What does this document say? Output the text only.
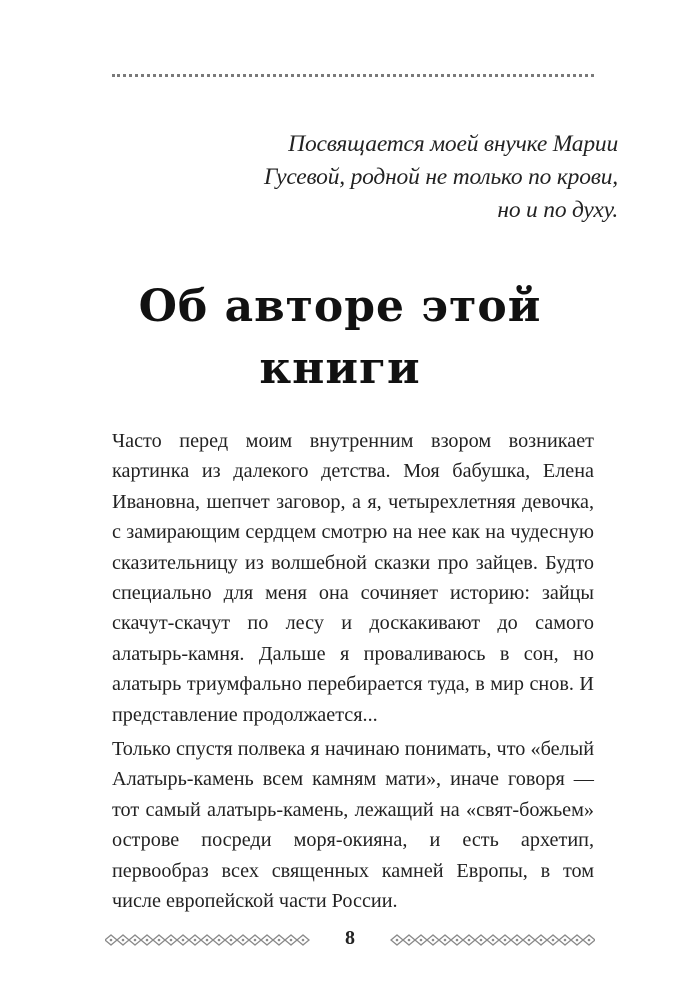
Посвящается моей внучке Марии
Гусевой, родной не только по крови,
но и по духу.
Об авторе этой
книги

Часто перед моим внутренним взором возникает картинка из далекого детства. Моя бабушка, Елена Ивановна, шепчет заговор, а я, четырехлетняя девочка, с замирающим сердцем смотрю на нее как на чудесную сказительницу из волшебной сказки про зайцев. Будто специально для меня она сочиняет историю: зайцы скачут-скачут по лесу и доскакивают до самого алатырь-камня. Дальше я проваливаюсь в сон, но алатырь триумфально перебирается туда, в мир снов. И представление продолжается...

Только спустя полвека я начинаю понимать, что «белый Алатырь-камень всем камням мати», иначе говоря — тот самый алатырь-камень, лежащий на «свят-божьем» острове посреди моря-окияна, и есть архетип, первообраз всех священных камней Европы, в том числе европейской части России.

8
